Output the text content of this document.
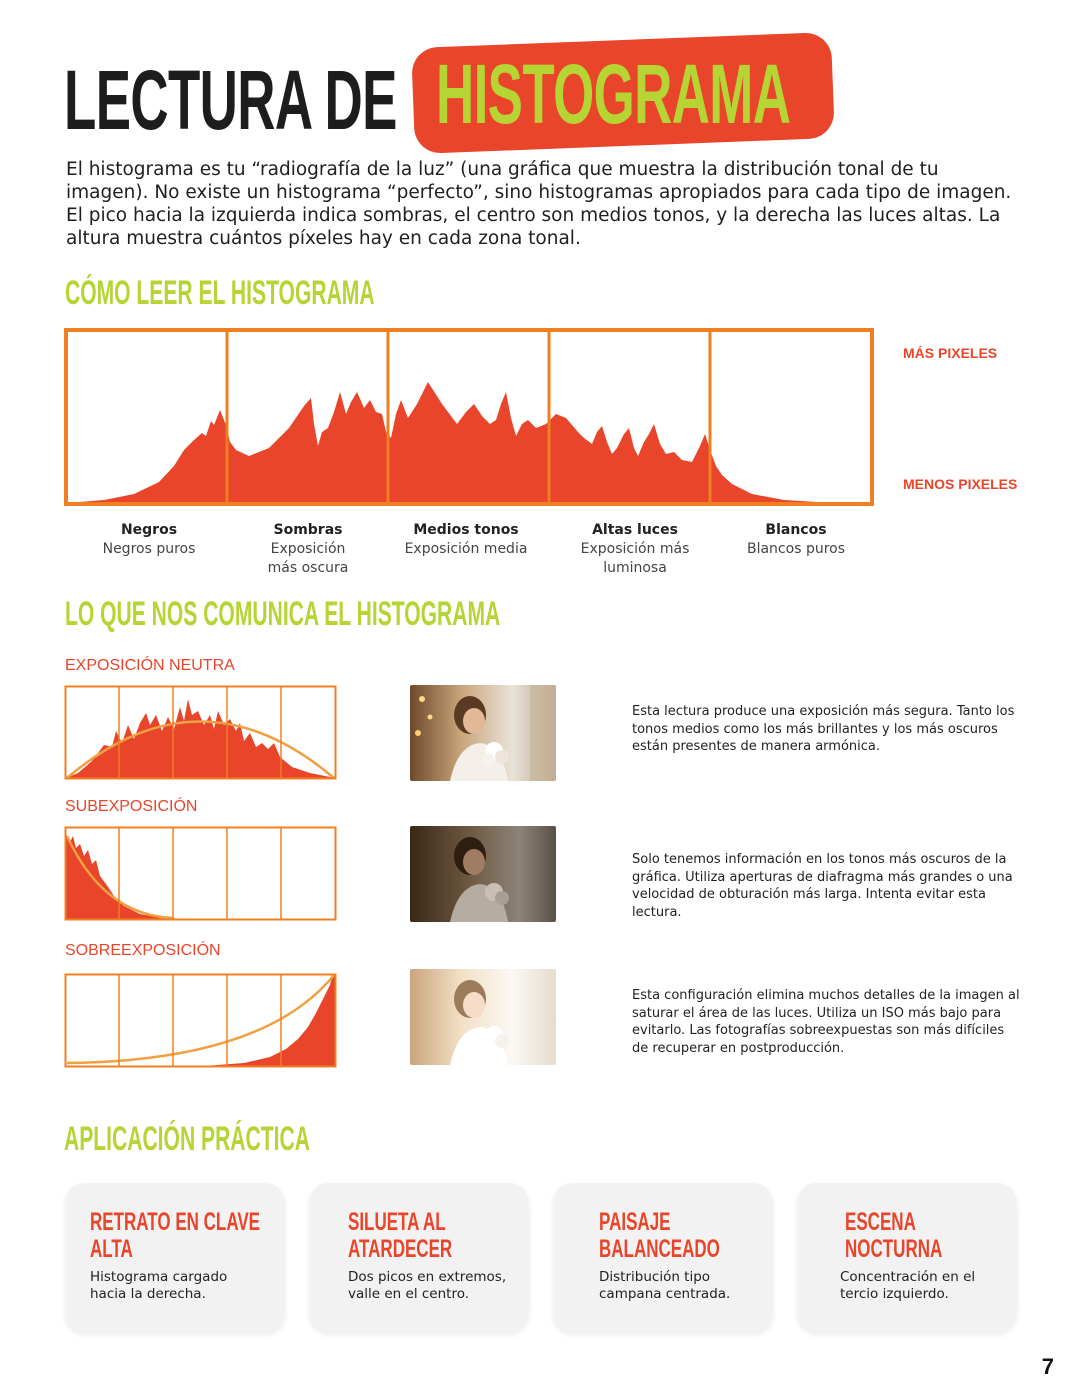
LECTURA DE HISTOGRAMA
El histograma es tu “radiografía de la luz” (una gráfica que muestra la distribución tonal de tu imagen). No existe un histograma “perfecto”, sino histogramas apropiados para cada tipo de imagen. El pico hacia la izquierda indica sombras, el centro son medios tonos, y la derecha las luces altas. La altura muestra cuántos píxeles hay en cada zona tonal.
CÓMO LEER EL HISTOGRAMA
MÁS PIXELES
MENOS PIXELES
Negros
Negros puros
Sombras
Exposición más oscura
Medios tonos
Exposición media
Altas luces
Exposición más luminosa
Blancos
Blancos puros
LO QUE NOS COMUNICA EL HISTOGRAMA
EXPOSICIÓN NEUTRA
Esta lectura produce una exposición más segura. Tanto los tonos medios como los más brillantes y los más oscuros están presentes de manera armónica.
SUBEXPOSICIÓN
Solo tenemos información en los tonos más oscuros de la gráfica. Utiliza aperturas de diafragma más grandes o una velocidad de obturación más larga. Intenta evitar esta lectura.
SOBREEXPOSICIÓN
Esta configuración elimina muchos detalles de la imagen al saturar el área de las luces. Utiliza un ISO más bajo para evitarlo. Las fotografías sobreexpuestas son más difíciles de recuperar en postproducción.
APLICACIÓN PRÁCTICA
RETRATO EN CLAVE
ALTA
Histograma cargado hacia la derecha.
SILUETA AL
ATARDECER
Dos picos en extremos, valle en el centro.
PAISAJE
BALANCEADO
Distribución tipo campana centrada.
ESCENA
NOCTURNA
Concentración en el tercio izquierdo.
7
